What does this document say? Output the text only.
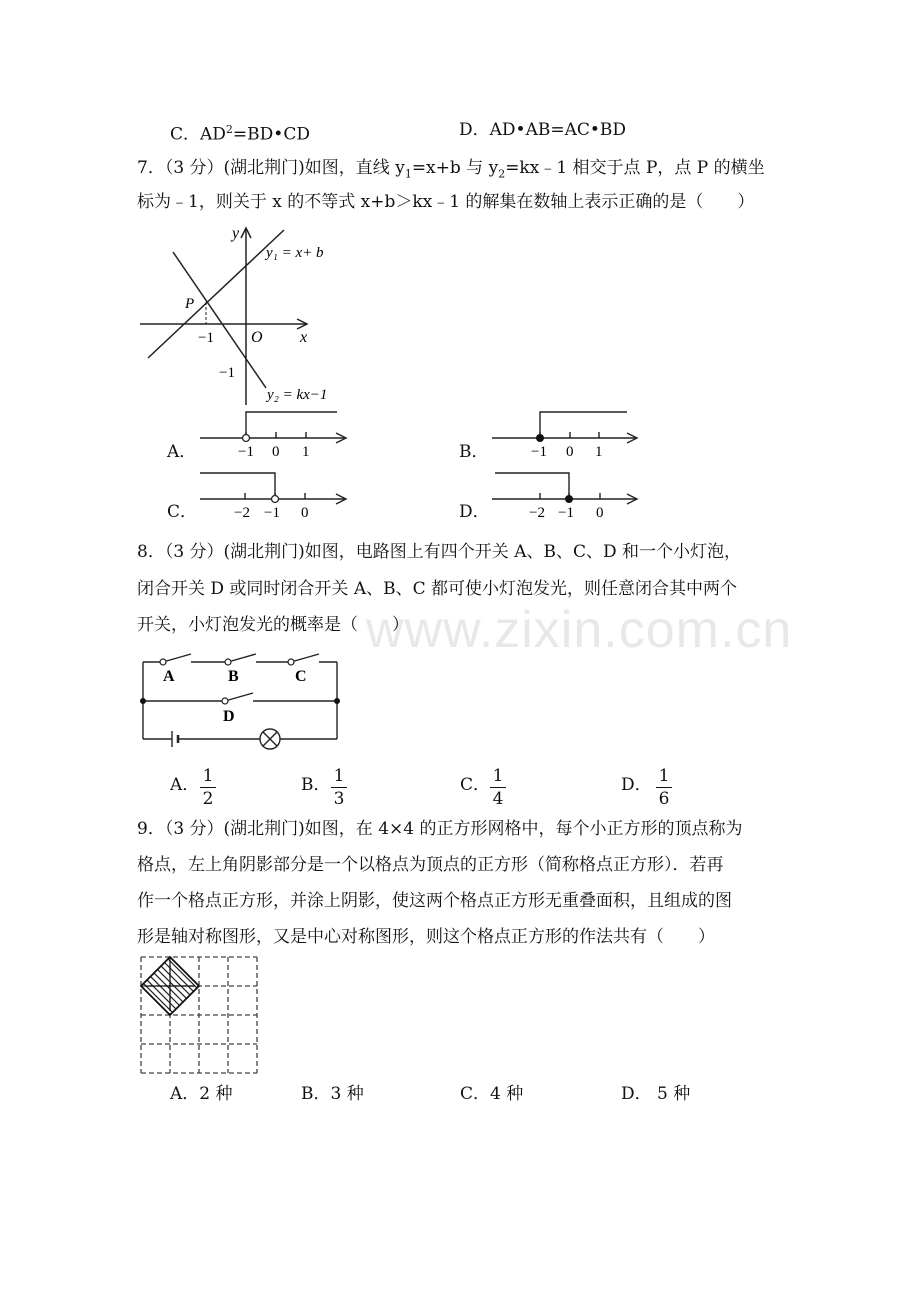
C．$AD^2=BD•CD$	D．AD•AB=AC•BD
7．（3 分）(湖北荆门)如图，直线 $y_1=x+b$ 与 $y_2=kx﹣1$ 相交于点 P，点 P 的横坐
标为﹣1，则关于 x 的不等式 x+b＞kx﹣1 的解集在数轴上表示正确的是（　　）
y
x
O
P
−1
−1
y₁ = x+ b
y₂ = kx−1
A．	−1 0 1	B．	−1 0 1
C． −2 −1 0	D．	−2 −1 0
8．（3 分）(湖北荆门)如图，电路图上有四个开关 A、B、C、D 和一个小灯泡，
闭合开关 D 或同时闭合开关 A、B、C 都可使小灯泡发光，则任意闭合其中两个
开关，小灯泡发光的概率是（　　）
www.zixin.com.cn
A	B	C
D
A． 1
2
B． 1
3
C． 1
4
D． 1
6
9．（3 分）(湖北荆门)如图，在 4×4 的正方形网格中，每个小正方形的顶点称为
格点，左上角阴影部分是一个以格点为顶点的正方形（简称格点正方形）．若再
作一个格点正方形，并涂上阴影，使这两个格点正方形无重叠面积，且组成的图
形是轴对称图形，又是中心对称图形，则这个格点正方形的作法共有（　　）
A．2 种	B．3 种	C．4 种	D． 5 种
